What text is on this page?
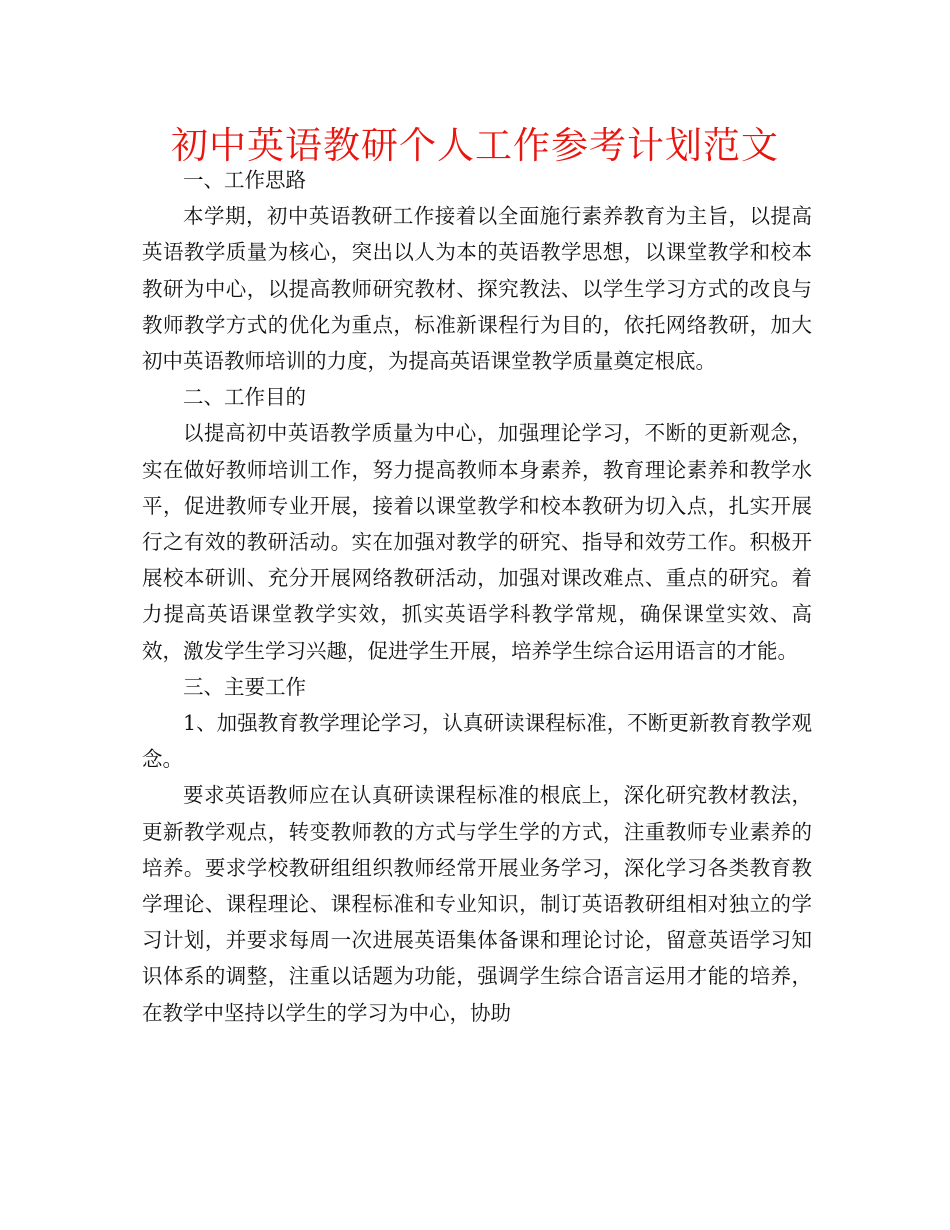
初中英语教研个人工作参考计划范文

一、工作思路

本学期，初中英语教研工作接着以全面施行素养教育为主旨，以提高英语教学质量为核心，突出以人为本的英语教学思想，以课堂教学和校本教研为中心，以提高教师研究教材、探究教法、以学生学习方式的改良与教师教学方式的优化为重点，标准新课程行为目的，依托网络教研，加大初中英语教师培训的力度，为提高英语课堂教学质量奠定根底。

二、工作目的

以提高初中英语教学质量为中心，加强理论学习，不断的更新观念，实在做好教师培训工作，努力提高教师本身素养，教育理论素养和教学水平，促进教师专业开展，接着以课堂教学和校本教研为切入点，扎实开展行之有效的教研活动。实在加强对教学的研究、指导和效劳工作。积极开展校本研训、充分开展网络教研活动，加强对课改难点、重点的研究。着力提高英语课堂教学实效，抓实英语学科教学常规，确保课堂实效、高效，激发学生学习兴趣，促进学生开展，培养学生综合运用语言的才能。

三、主要工作

1、加强教育教学理论学习，认真研读课程标准，不断更新教育教学观念。

要求英语教师应在认真研读课程标准的根底上，深化研究教材教法，更新教学观点，转变教师教的方式与学生学的方式，注重教师专业素养的培养。要求学校教研组组织教师经常开展业务学习，深化学习各类教育教学理论、课程理论、课程标准和专业知识，制订英语教研组相对独立的学习计划，并要求每周一次进展英语集体备课和理论讨论，留意英语学习知识体系的调整，注重以话题为功能，强调学生综合语言运用才能的培养，在教学中坚持以学生的学习为中心，协助
